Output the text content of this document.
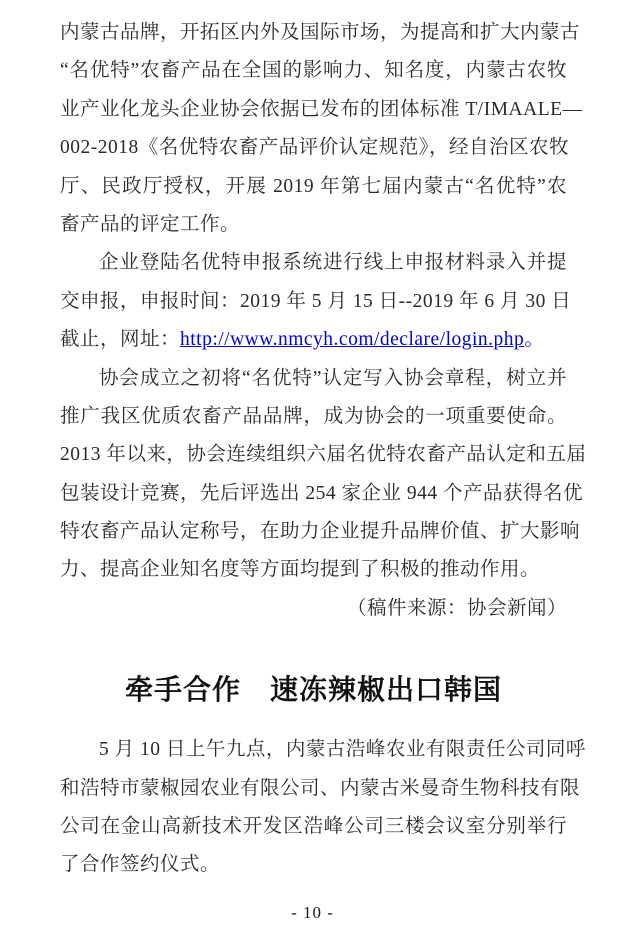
内蒙古品牌，开拓区内外及国际市场，为提高和扩大内蒙古
“名优特”农畜产品在全国的影响力、知名度，内蒙古农牧
业产业化龙头企业协会依据已发布的团体标准 T/IMAALE—
002-2018《名优特农畜产品评价认定规范》，经自治区农牧
厅、民政厅授权，开展 2019 年第七届内蒙古“名优特”农
畜产品的评定工作。
企业登陆名优特申报系统进行线上申报材料录入并提
交申报，申报时间：2019 年 5 月 15 日--2019 年 6 月 30 日
截止，网址：http://www.nmcyh.com/declare/login.php。
协会成立之初将“名优特”认定写入协会章程，树立并
推广我区优质农畜产品品牌，成为协会的一项重要使命。
2013 年以来，协会连续组织六届名优特农畜产品认定和五届
包装设计竞赛，先后评选出 254 家企业 944 个产品获得名优
特农畜产品认定称号，在助力企业提升品牌价值、扩大影响
力、提高企业知名度等方面均提到了积极的推动作用。
（稿件来源：协会新闻）
牵手合作　速冻辣椒出口韩国
5 月 10 日上午九点，内蒙古浩峰农业有限责任公司同呼
和浩特市蒙椒园农业有限公司、内蒙古米曼奇生物科技有限
公司在金山高新技术开发区浩峰公司三楼会议室分别举行
了合作签约仪式。
- 10 -
